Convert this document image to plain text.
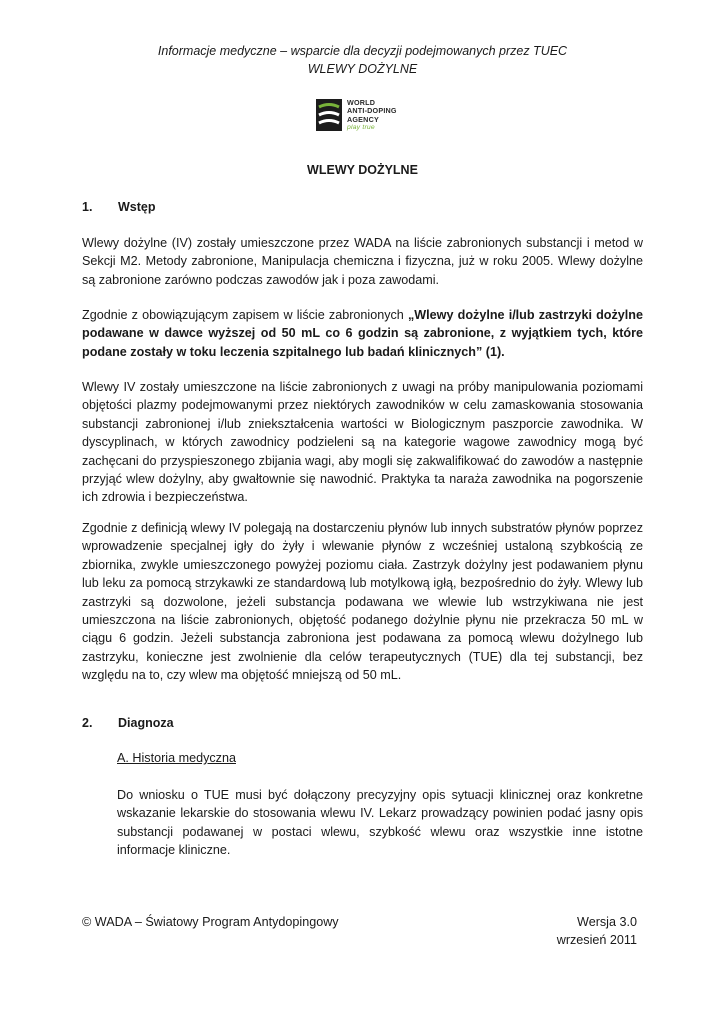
Informacje medyczne – wsparcie dla decyzji podejmowanych przez TUEC
WLEWY DOŻYLNE
WORLD
ANTI-DOPING
AGENCY
play true
WLEWY DOŻYLNE
1. Wstęp

Wlewy dożylne (IV) zostały umieszczone przez WADA na liście zabronionych substancji i metod w Sekcji M2. Metody zabronione, Manipulacja chemiczna i fizyczna, już w roku 2005. Wlewy dożylne są zabronione zarówno podczas zawodów jak i poza zawodami.

Zgodnie z obowiązującym zapisem w liście zabronionych „Wlewy dożylne i/lub zastrzyki dożylne podawane w dawce wyższej od 50 mL co 6 godzin są zabronione, z wyjątkiem tych, które podane zostały w toku leczenia szpitalnego lub badań klinicznych” (1).

Wlewy IV zostały umieszczone na liście zabronionych z uwagi na próby manipulowania poziomami objętości plazmy podejmowanymi przez niektórych zawodników w celu zamaskowania stosowania substancji zabronionej i/lub zniekształcenia wartości w Biologicznym paszporcie zawodnika. W dyscyplinach, w których zawodnicy podzieleni są na kategorie wagowe zawodnicy mogą być zachęcani do przyspieszonego zbijania wagi, aby mogli się zakwalifikować do zawodów a następnie przyjąć wlew dożylny, aby gwałtownie się nawodnić. Praktyka ta naraża zawodnika na pogorszenie ich zdrowia i bezpieczeństwa.

Zgodnie z definicją wlewy IV polegają na dostarczeniu płynów lub innych substratów płynów poprzez wprowadzenie specjalnej igły do żyły i wlewanie płynów z wcześniej ustaloną szybkością ze zbiornika, zwykle umieszczonego powyżej poziomu ciała. Zastrzyk dożylny jest podawaniem płynu lub leku za pomocą strzykawki ze standardową lub motylkową igłą, bezpośrednio do żyły. Wlewy lub zastrzyki są dozwolone, jeżeli substancja podawana we wlewie lub wstrzykiwana nie jest umieszczona na liście zabronionych, objętość podanego dożylnie płynu nie przekracza 50 mL w ciągu 6 godzin. Jeżeli substancja zabroniona jest podawana za pomocą wlewu dożylnego lub zastrzyku, konieczne jest zwolnienie dla celów terapeutycznych (TUE) dla tej substancji, bez względu na to, czy wlew ma objętość mniejszą od 50 mL.

2. Diagnoza
A. Historia medyczna

Do wniosku o TUE musi być dołączony precyzyjny opis sytuacji klinicznej oraz konkretne wskazanie lekarskie do stosowania wlewu IV. Lekarz prowadzący powinien podać jasny opis substancji podawanej w postaci wlewu, szybkość wlewu oraz wszystkie inne istotne informacje kliniczne.

© WADA – Światowy Program Antydopingowy	Wersja 3.0
wrzesień 2011
